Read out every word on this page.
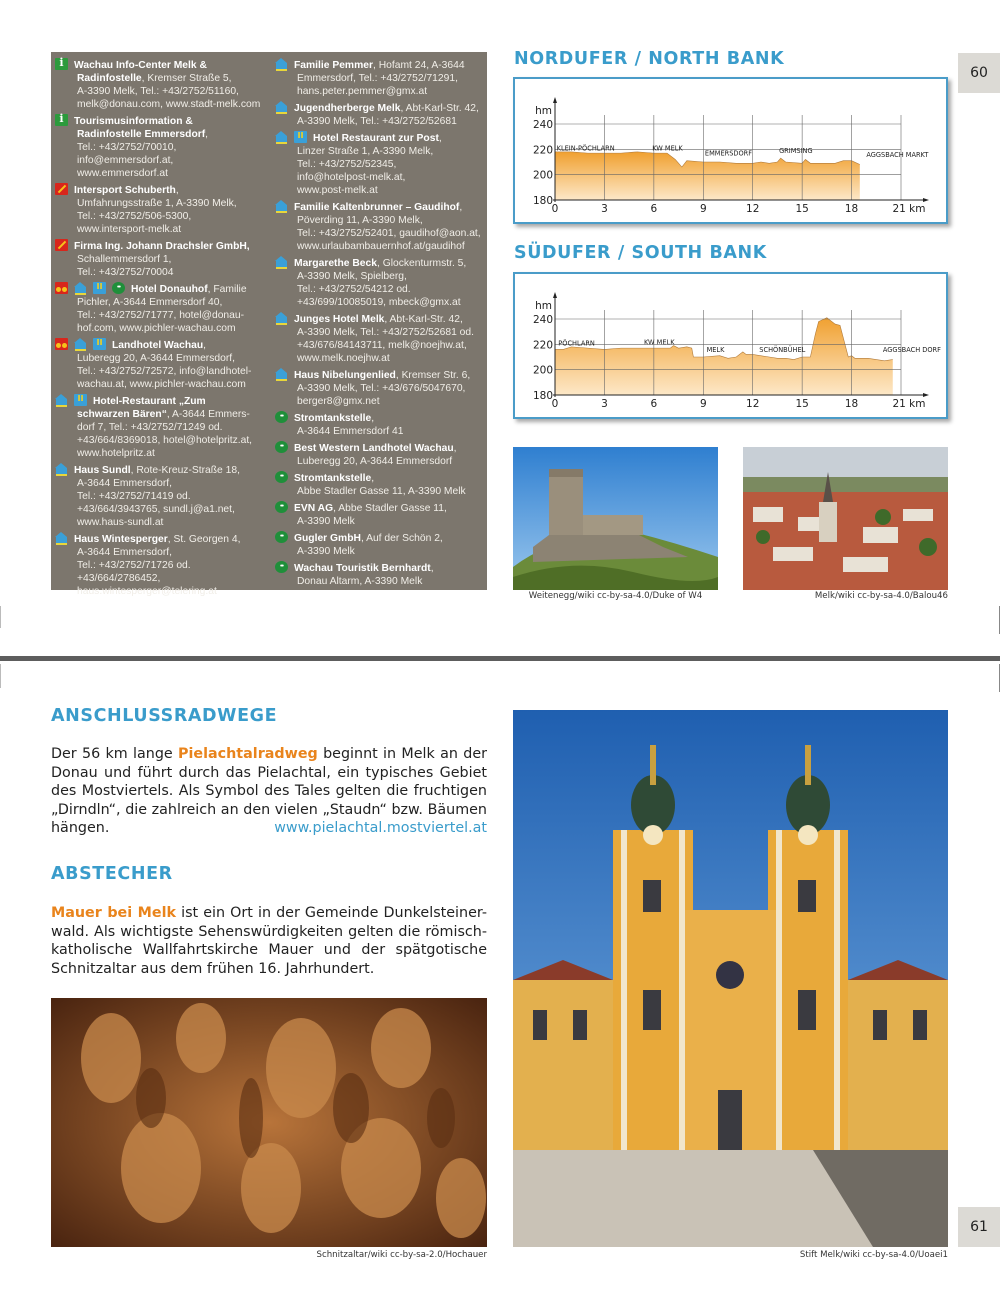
iWachau Info-Center Melk &
Radinfostelle, Kremser Straße 5,
A-3390 Melk, Tel.: +43/2752/51160,
melk@donau.com, www.stadt-melk.com
iTourismusinformation &
Radinfostelle Emmersdorf,
Tel.: +43/2752/70010,
info@emmersdorf.at,
www.emmersdorf.at
Intersport Schuberth,
Umfahrungsstraße 1, A-3390 Melk,
Tel.: +43/2752/506-5300,
www.intersport-melk.at
Firma Ing. Johann Drachsler GmbH,
Schallemmersdorf 1,
Tel.: +43/2752/70004
ıı••Hotel Donauhof, Familie
Pichler, A-3644 Emmersdorf 40,
Tel.: +43/2752/71777, hotel@donau-
hof.com, www.pichler-wachau.com
ııLandhotel Wachau,
Luberegg 20, A-3644 Emmersdorf,
Tel.: +43/2752/72572, info@landhotel-
wachau.at, www.pichler-wachau.com
ııHotel-Restaurant „Zum
schwarzen Bären“, A-3644 Emmers-
dorf 7, Tel.: +43/2752/71249 od.
+43/664/8369018, hotel@hotelpritz.at,
www.hotelpritz.at
Haus Sundl, Rote-Kreuz-Straße 18,
A-3644 Emmersdorf,
Tel.: +43/2752/71419 od.
+43/664/3943765, sundl.j@a1.net,
www.haus-sundl.at
Haus Wintesperger, St. Georgen 4,
A-3644 Emmersdorf,
Tel.: +43/2752/71726 od.
+43/664/2786452,
haus.wintesperger@telering.at
Familie Pemmer, Hofamt 24, A-3644
Emmersdorf, Tel.: +43/2752/71291,
hans.peter.pemmer@gmx.at
Jugendherberge Melk, Abt-Karl-Str. 42,
A-3390 Melk, Tel.: +43/2752/52681
ııHotel Restaurant zur Post,
Linzer Straße 1, A-3390 Melk,
Tel.: +43/2752/52345,
info@hotelpost-melk.at,
www.post-melk.at
Familie Kaltenbrunner – Gaudihof,
Pöverding 11, A-3390 Melk,
Tel.: +43/2752/52401, gaudihof@aon.at,
www.urlaubambauernhof.at/gaudihof
Margarethe Beck, Glockenturmstr. 5,
A-3390 Melk, Spielberg,
Tel.: +43/2752/54212 od.
+43/699/10085019, mbeck@gmx.at
Junges Hotel Melk, Abt-Karl-Str. 42,
A-3390 Melk, Tel.: +43/2752/52681 od.
+43/676/84143711, melk@noejhw.at,
www.melk.noejhw.at
Haus Nibelungenlied, Kremser Str. 6,
A-3390 Melk, Tel.: +43/676/5047670,
berger8@gmx.net
••Stromtankstelle,
A-3644 Emmersdorf 41
••Best Western Landhotel Wachau,
Luberegg 20, A-3644 Emmersdorf
••Stromtankstelle,
Abbe Stadler Gasse 11, A-3390 Melk
••EVN AG, Abbe Stadler Gasse 11,
A-3390 Melk
••Gugler GmbH, Auf der Schön 2,
A-3390 Melk
••Wachau Touristik Bernhardt,
Donau Altarm, A-3390 Melk
NORDUFER / NORTH BANK
hm
180
200
220
240
0	3	6	9	12	15	18	21 km
KLEIN-PÖCHLARN	KW MELK
EMMERSDORF	GRIMSING	AGGSBACH MARKT
SÜDUFER / SOUTH BANK
hm
180
200
220
240
0	3	6	9	12	15	18	21 km
PÖCHLARN	KW MELK
MELK	SCHÖNBÜHEL	AGGSBACH DORF
60
Weitenegg/wiki cc-by-sa-4.0/Duke of W4	Melk/wiki cc-by-sa-4.0/Balou46
ANSCHLUSSRADWEGE
Der 56 km lange Pielachtalradweg beginnt in Melk an der Donau und führt durch das Pielachtal, ein typisches Gebiet des Mostviertels. Als Symbol des Tales gelten die fruchtigen „Dirndln“, die zahlreich an den vielen „Staudn“ bzw. Bäumen hängen.	www.pielachtal.mostviertel.at
ABSTECHER
Mauer bei Melk ist ein Ort in der Gemeinde Dunkelsteiner-wald. Als wichtigste Sehenswürdigkeiten gelten die römisch-katholische Wallfahrtskirche Mauer und der spätgotische Schnitzaltar aus dem frühen 16. Jahrhundert.
Schnitzaltar/wiki cc-by-sa-2.0/Hochauer	Stift Melk/wiki cc-by-sa-4.0/Uoaei1
61
